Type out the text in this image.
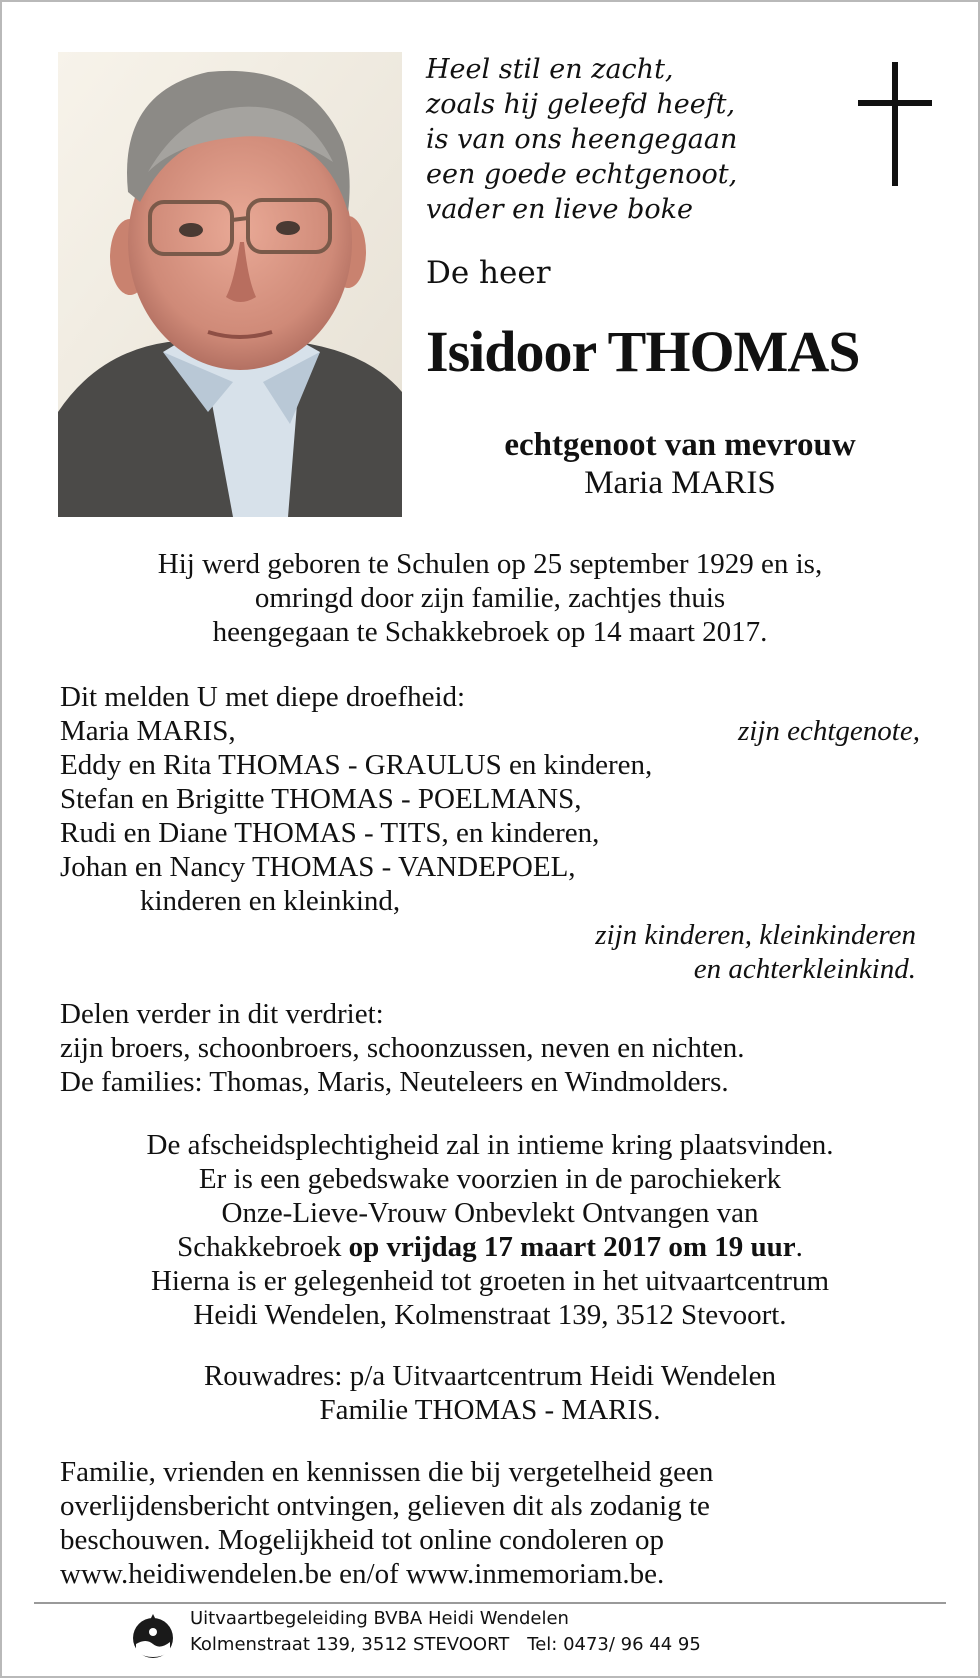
Heel stil en zacht,
zoals hij geleefd heeft,
is van ons heengegaan
een goede echtgenoot,
vader en lieve boke
De heer
Isidoor THOMAS
echtgenoot van mevrouw
Maria MARIS
Hij werd geboren te Schulen op 25 september 1929 en is,
omringd door zijn familie, zachtjes thuis
heengegaan te Schakkebroek op 14 maart 2017.
Dit melden U met diepe droefheid:
Maria MARIS,	zijn echtgenote,
Eddy en Rita THOMAS - GRAULUS en kinderen,
Stefan en Brigitte THOMAS - POELMANS,
Rudi en Diane THOMAS - TITS, en kinderen,
Johan en Nancy THOMAS - VANDEPOEL,
kinderen en kleinkind,
zijn kinderen, kleinkinderen
en achterkleinkind.
Delen verder in dit verdriet:
zijn broers, schoonbroers, schoonzussen, neven en nichten.
De families: Thomas, Maris, Neuteleers en Windmolders.
De afscheidsplechtigheid zal in intieme kring plaatsvinden.
Er is een gebedswake voorzien in de parochiekerk
Onze-Lieve-Vrouw Onbevlekt Ontvangen van
Schakkebroek op vrijdag 17 maart 2017 om 19 uur.
Hierna is er gelegenheid tot groeten in het uitvaartcentrum
Heidi Wendelen, Kolmenstraat 139, 3512 Stevoort.
Rouwadres: p/a Uitvaartcentrum Heidi Wendelen
Familie THOMAS - MARIS.
Familie, vrienden en kennissen die bij vergetelheid geen
overlijdensbericht ontvingen, gelieven dit als zodanig te
beschouwen. Mogelijkheid tot online condoleren op
www.heidiwendelen.be en/of www.inmemoriam.be.
Uitvaartbegeleiding BVBA Heidi Wendelen
Kolmenstraat 139, 3512 STEVOORT Tel: 0473/ 96 44 95
